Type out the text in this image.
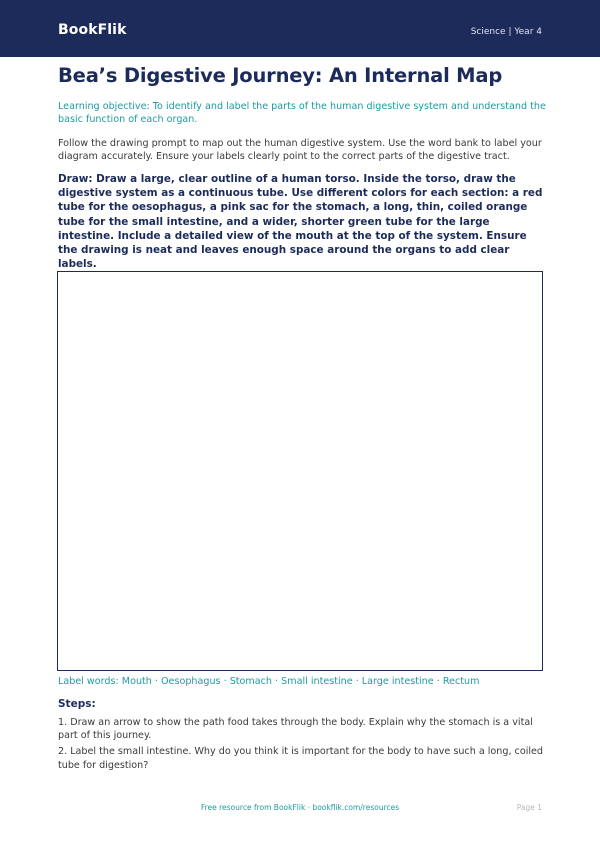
BookFlik	Science | Year 4
Bea’s Digestive Journey: An Internal Map

Learning objective: To identify and label the parts of the human digestive system and understand the basic function of each organ.

Follow the drawing prompt to map out the human digestive system. Use the word bank to label your diagram accurately. Ensure your labels clearly point to the correct parts of the digestive tract.

Draw: Draw a large, clear outline of a human torso. Inside the torso, draw the digestive system as a continuous tube. Use different colors for each section: a red tube for the oesophagus, a pink sac for the stomach, a long, thin, coiled orange tube for the small intestine, and a wider, shorter green tube for the large intestine. Include a detailed view of the mouth at the top of the system. Ensure the drawing is neat and leaves enough space around the organs to add clear labels.

Label words: Mouth · Oesophagus · Stomach · Small intestine · Large intestine · Rectum

Steps:
1. Draw an arrow to show the path food takes through the body. Explain why the stomach is a vital part of this journey.
2. Label the small intestine. Why do you think it is important for the body to have such a long, coiled tube for digestion?
Free resource from BookFlik · bookflik.com/resources	Page 1
